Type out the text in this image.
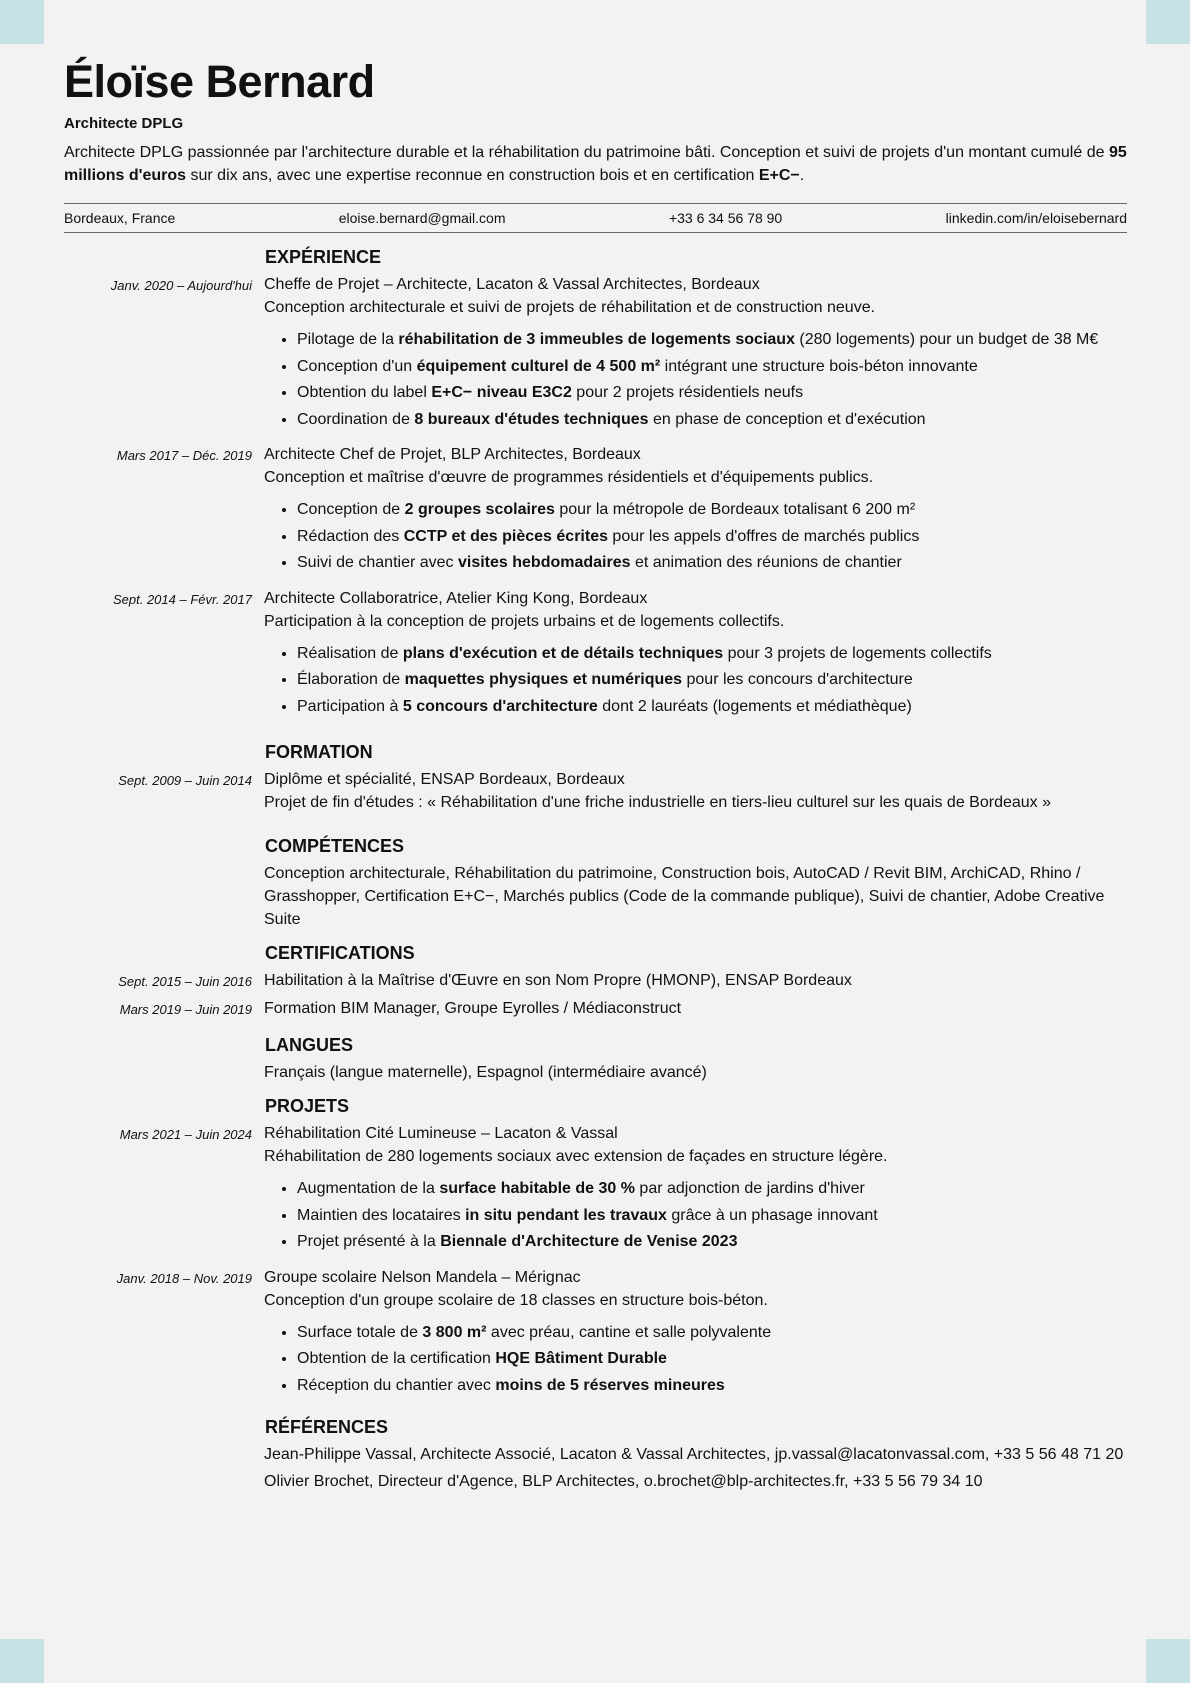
Éloïse Bernard
Architecte DPLG
Architecte DPLG passionnée par l'architecture durable et la réhabilitation du patrimoine bâti. Conception et suivi de projets d'un montant cumulé de 95 millions d'euros sur dix ans, avec une expertise reconnue en construction bois et en certification E+C−.
Bordeaux, France	eloise.bernard@gmail.com	+33 6 34 56 78 90	linkedin.com/in/eloisebernard
EXPÉRIENCE
Janv. 2020 – Aujourd'hui Cheffe de Projet – Architecte, Lacaton & Vassal Architectes, Bordeaux
Conception architecturale et suivi de projets de réhabilitation et de construction neuve.
• Pilotage de la réhabilitation de 3 immeubles de logements sociaux (280 logements) pour un budget de 38 M€
• Conception d'un équipement culturel de 4 500 m² intégrant une structure bois-béton innovante
• Obtention du label E+C− niveau E3C2 pour 2 projets résidentiels neufs
• Coordination de 8 bureaux d'études techniques en phase de conception et d'exécution
Mars 2017 – Déc. 2019 Architecte Chef de Projet, BLP Architectes, Bordeaux
Conception et maîtrise d'œuvre de programmes résidentiels et d'équipements publics.
• Conception de 2 groupes scolaires pour la métropole de Bordeaux totalisant 6 200 m²
• Rédaction des CCTP et des pièces écrites pour les appels d'offres de marchés publics
• Suivi de chantier avec visites hebdomadaires et animation des réunions de chantier
Sept. 2014 – Févr. 2017 Architecte Collaboratrice, Atelier King Kong, Bordeaux
Participation à la conception de projets urbains et de logements collectifs.
• Réalisation de plans d'exécution et de détails techniques pour 3 projets de logements collectifs
• Élaboration de maquettes physiques et numériques pour les concours d'architecture
• Participation à 5 concours d'architecture dont 2 lauréats (logements et médiathèque)
FORMATION
Sept. 2009 – Juin 2014 Diplôme et spécialité, ENSAP Bordeaux, Bordeaux
Projet de fin d'études : « Réhabilitation d'une friche industrielle en tiers-lieu culturel sur les quais de Bordeaux »
COMPÉTENCES
Conception architecturale, Réhabilitation du patrimoine, Construction bois, AutoCAD / Revit BIM, ArchiCAD, Rhino / Grasshopper, Certification E+C−, Marchés publics (Code de la commande publique), Suivi de chantier, Adobe Creative Suite
CERTIFICATIONS
Sept. 2015 – Juin 2016 Habilitation à la Maîtrise d'Œuvre en son Nom Propre (HMONP), ENSAP Bordeaux
Mars 2019 – Juin 2019 Formation BIM Manager, Groupe Eyrolles / Médiaconstruct
LANGUES
Français (langue maternelle), Espagnol (intermédiaire avancé)
PROJETS
Mars 2021 – Juin 2024 Réhabilitation Cité Lumineuse – Lacaton & Vassal
Réhabilitation de 280 logements sociaux avec extension de façades en structure légère.
• Augmentation de la surface habitable de 30 % par adjonction de jardins d'hiver
• Maintien des locataires in situ pendant les travaux grâce à un phasage innovant
• Projet présenté à la Biennale d'Architecture de Venise 2023
Janv. 2018 – Nov. 2019 Groupe scolaire Nelson Mandela – Mérignac
Conception d'un groupe scolaire de 18 classes en structure bois-béton.
• Surface totale de 3 800 m² avec préau, cantine et salle polyvalente
• Obtention de la certification HQE Bâtiment Durable
• Réception du chantier avec moins de 5 réserves mineures
RÉFÉRENCES
Jean-Philippe Vassal, Architecte Associé, Lacaton & Vassal Architectes, jp.vassal@lacatonvassal.com, +33 5 56 48 71 20
Olivier Brochet, Directeur d'Agence, BLP Architectes, o.brochet@blp-architectes.fr, +33 5 56 79 34 10
